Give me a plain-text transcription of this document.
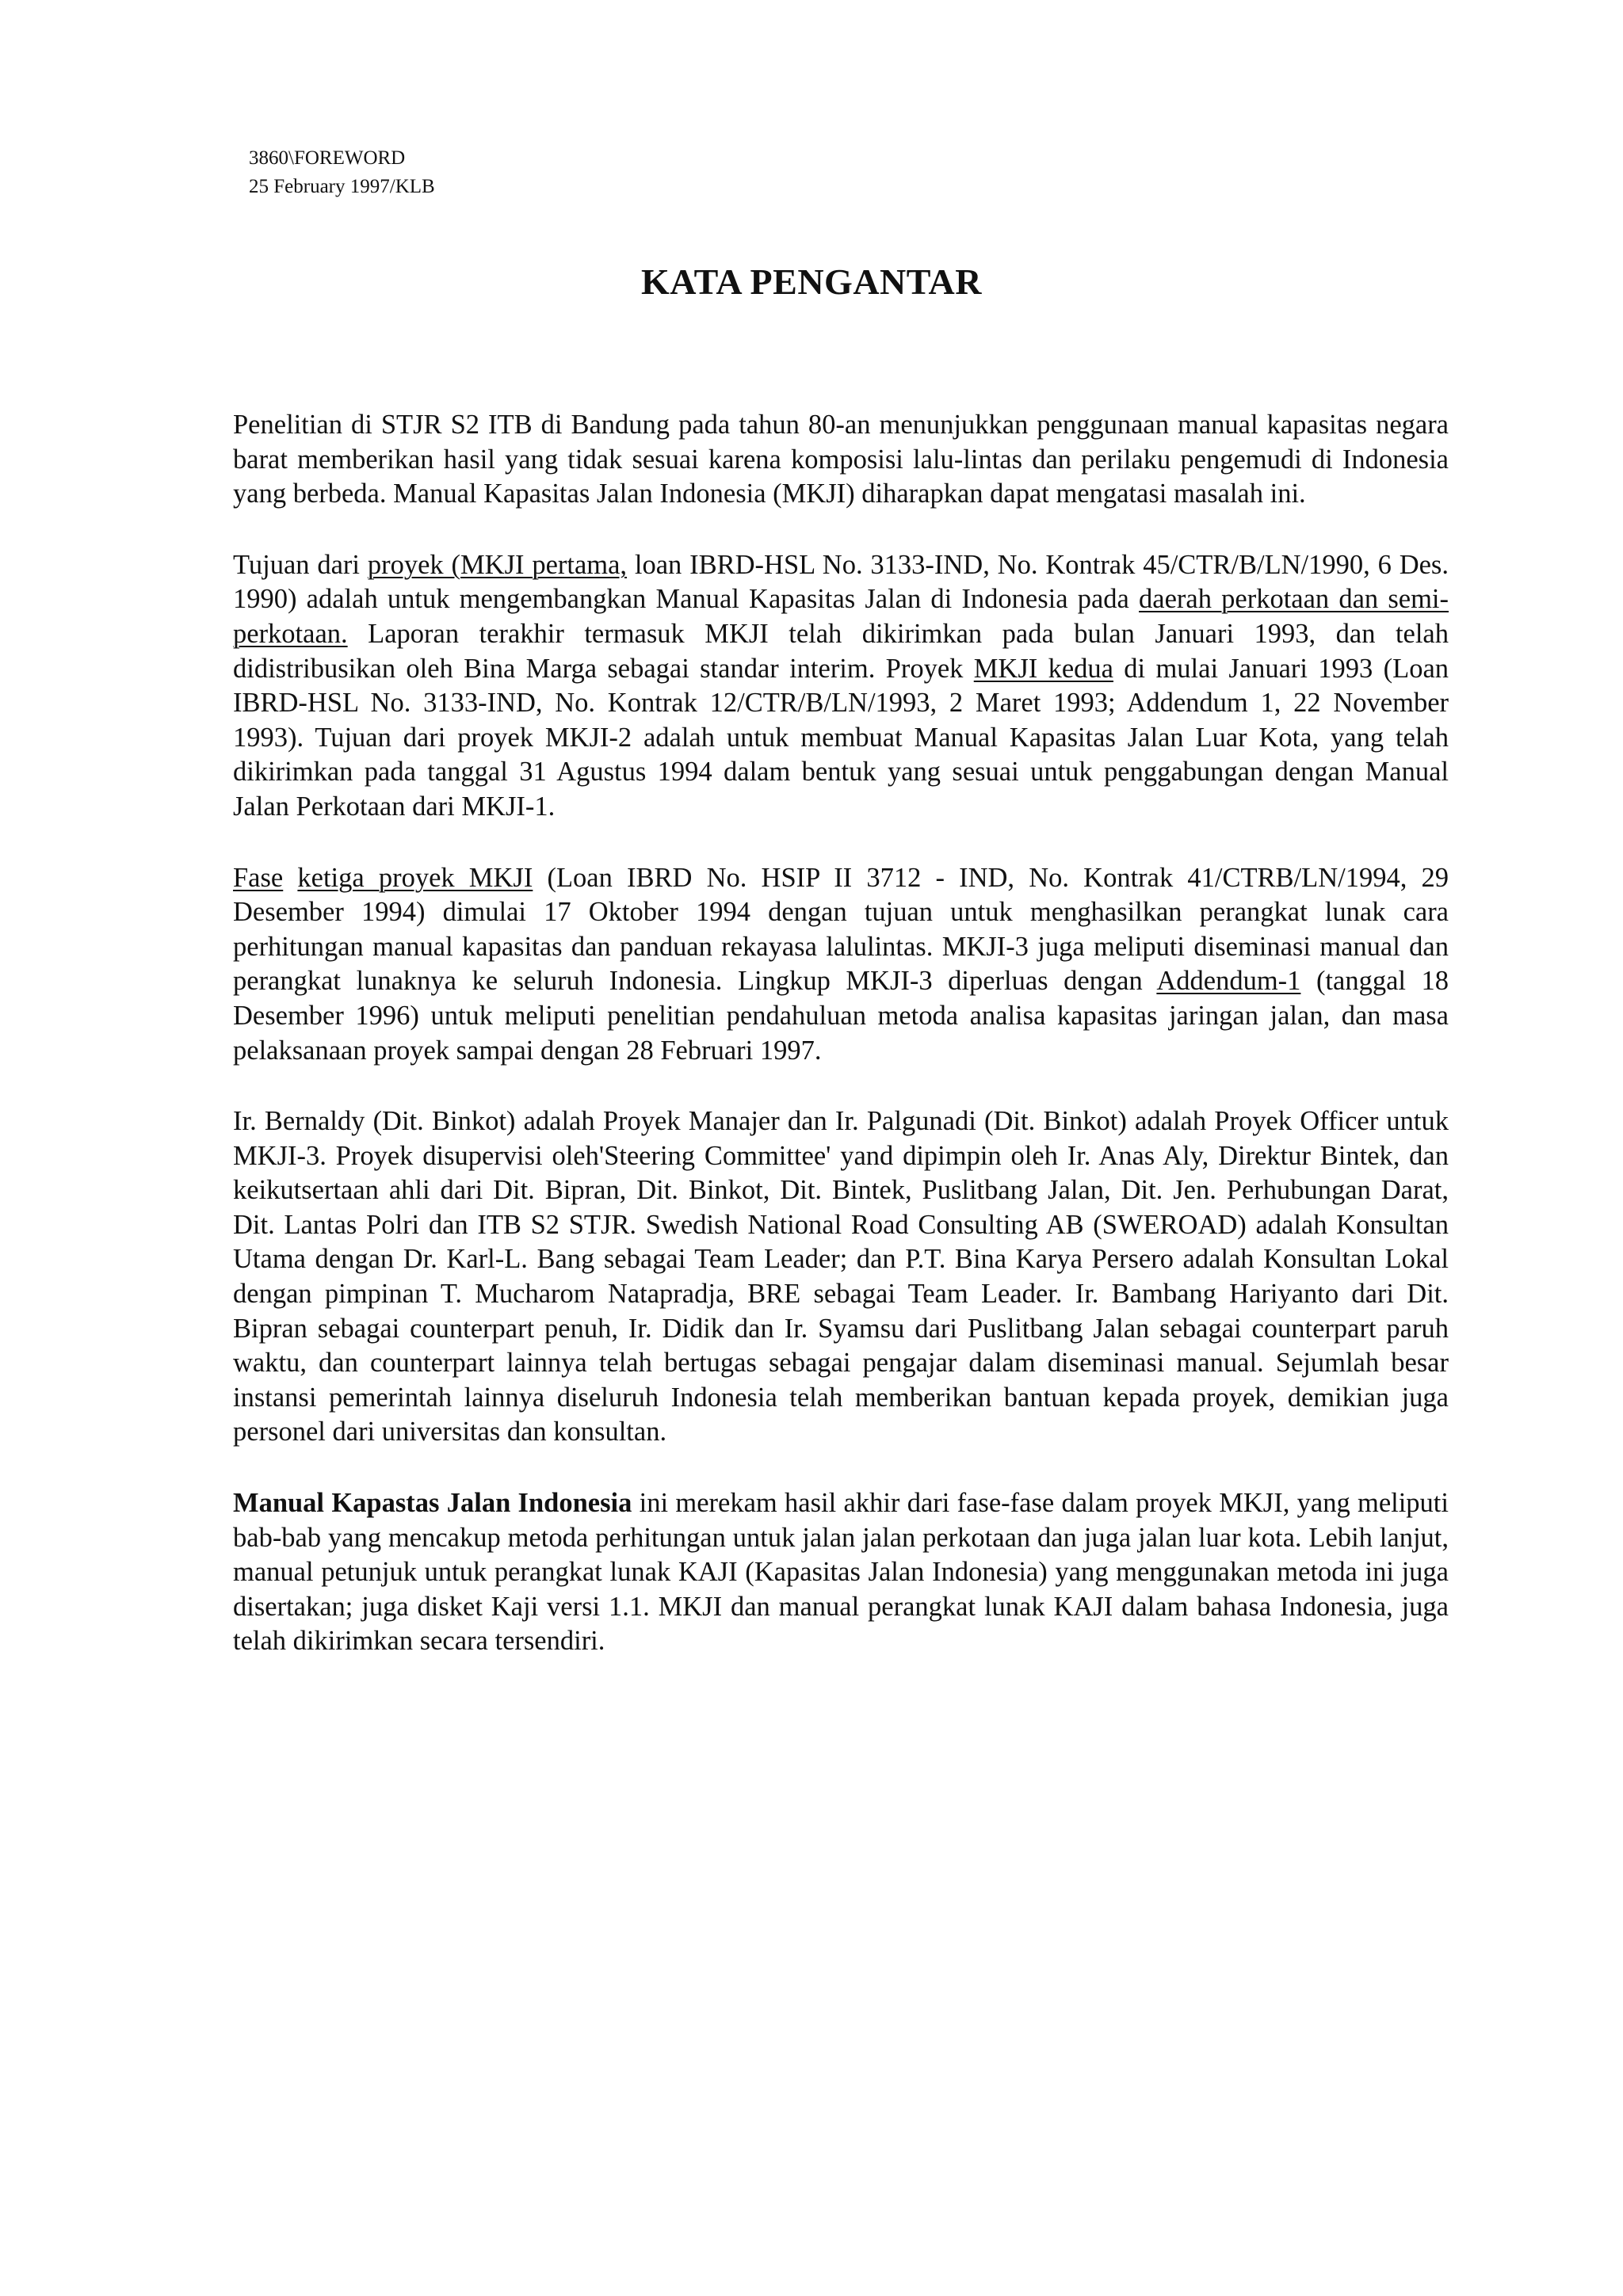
3860\FOREWORD
25 February 1997/KLB
KATA PENGANTAR

Penelitian di STJR S2 ITB di Bandung pada tahun 80-an menunjukkan penggunaan manual kapasitas negara barat memberikan hasil yang tidak sesuai karena komposisi lalu-lintas dan perilaku pengemudi di Indonesia yang berbeda. Manual Kapasitas Jalan Indonesia (MKJI) diharapkan dapat mengatasi masalah ini.

Tujuan dari proyek (MKJI pertama, loan IBRD-HSL No. 3133-IND, No. Kontrak 45/CTR/B/LN/1990, 6 Des. 1990) adalah untuk mengembangkan Manual Kapasitas Jalan di Indonesia pada daerah perkotaan dan semi-perkotaan. Laporan terakhir termasuk MKJI telah dikirimkan pada bulan Januari 1993, dan telah didistribusikan oleh Bina Marga sebagai standar interim. Proyek MKJI kedua di mulai Januari 1993 (Loan IBRD-HSL No. 3133-IND, No. Kontrak 12/CTR/B/LN/1993, 2 Maret 1993; Addendum 1, 22 November 1993). Tujuan dari proyek MKJI-2 adalah untuk membuat Manual Kapasitas Jalan Luar Kota, yang telah dikirimkan pada tanggal 31 Agustus 1994 dalam bentuk yang sesuai untuk penggabungan dengan Manual Jalan Perkotaan dari MKJI-1.

Fase ketiga proyek MKJI (Loan IBRD No. HSIP II 3712 - IND, No. Kontrak 41/CTRB/LN/1994, 29 Desember 1994) dimulai 17 Oktober 1994 dengan tujuan untuk menghasilkan perangkat lunak cara perhitungan manual kapasitas dan panduan rekayasa lalulintas. MKJI-3 juga meliputi diseminasi manual dan perangkat lunaknya ke seluruh Indonesia. Lingkup MKJI-3 diperluas dengan Addendum-1 (tanggal 18 Desember 1996) untuk meliputi penelitian pendahuluan metoda analisa kapasitas jaringan jalan, dan masa pelaksanaan proyek sampai dengan 28 Februari 1997.

Ir. Bernaldy (Dit. Binkot) adalah Proyek Manajer dan Ir. Palgunadi (Dit. Binkot) adalah Proyek Officer untuk MKJI-3. Proyek disupervisi oleh'Steering Committee' yand dipimpin oleh Ir. Anas Aly, Direktur Bintek, dan keikutsertaan ahli dari Dit. Bipran, Dit. Binkot, Dit. Bintek, Puslitbang Jalan, Dit. Jen. Perhubungan Darat, Dit. Lantas Polri dan ITB S2 STJR. Swedish National Road Consulting AB (SWEROAD) adalah Konsultan Utama dengan Dr. Karl-L. Bang sebagai Team Leader; dan P.T. Bina Karya Persero adalah Konsultan Lokal dengan pimpinan T. Mucharom Natapradja, BRE sebagai Team Leader. Ir. Bambang Hariyanto dari Dit. Bipran sebagai counterpart penuh, Ir. Didik dan Ir. Syamsu dari Puslitbang Jalan sebagai counterpart paruh waktu, dan counterpart lainnya telah bertugas sebagai pengajar dalam diseminasi manual. Sejumlah besar instansi pemerintah lainnya diseluruh Indonesia telah memberikan bantuan kepada proyek, demikian juga personel dari universitas dan konsultan.

Manual Kapastas Jalan Indonesia ini merekam hasil akhir dari fase-fase dalam proyek MKJI, yang meliputi bab-bab yang mencakup metoda perhitungan untuk jalan jalan perkotaan dan juga jalan luar kota. Lebih lanjut, manual petunjuk untuk perangkat lunak KAJI (Kapasitas Jalan Indonesia) yang menggunakan metoda ini juga disertakan; juga disket Kaji versi 1.1. MKJI dan manual perangkat lunak KAJI dalam bahasa Indonesia, juga telah dikirimkan secara tersendiri.
